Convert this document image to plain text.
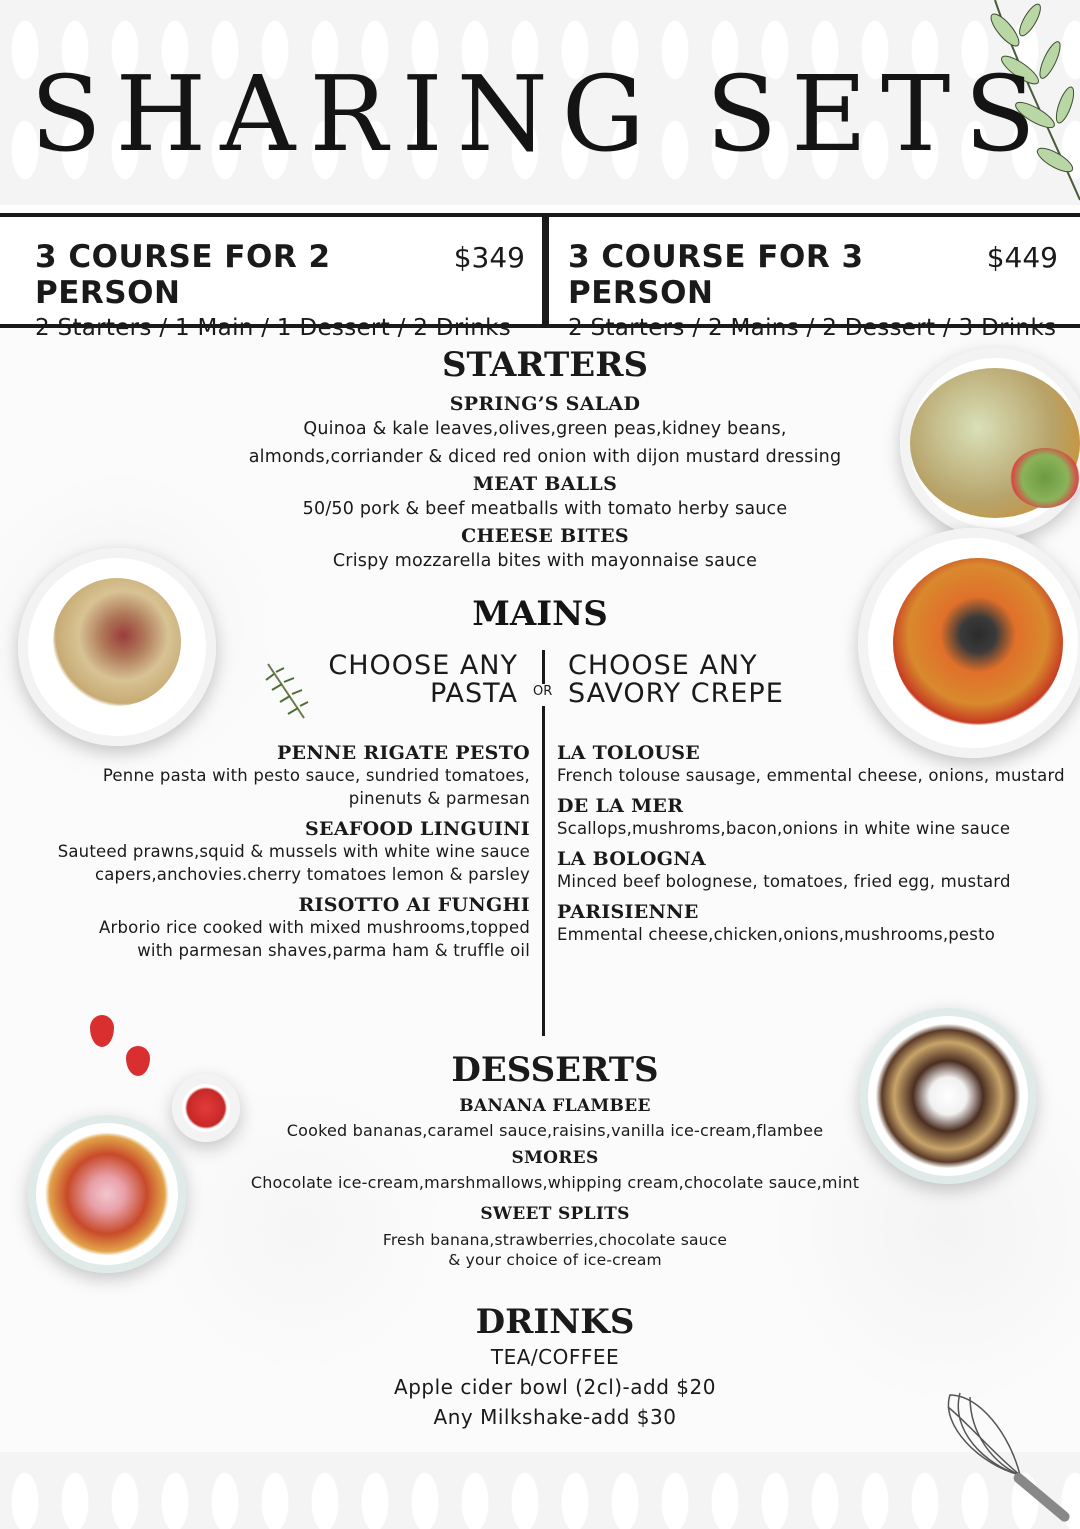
SHARING SETS
3 COURSE FOR 2 PERSON
$349
2 Starters / 1 Main / 1 Dessert / 2 Drinks
3 COURSE FOR 3 PERSON
$449
2 Starters / 2 Mains / 2 Dessert / 3 Drinks
STARTERS
SPRING’S SALAD
Quinoa & kale leaves,olives,green peas,kidney beans,
almonds,corriander & diced red onion with dijon mustard dressing
MEAT BALLS
50/50 pork & beef meatballs with tomato herby sauce
CHEESE BITES
Crispy mozzarella bites with mayonnaise sauce
MAINS
CHOOSE ANY
PASTA OR
CHOOSE ANY
SAVORY CREPE
PENNE RIGATE PESTO
Penne pasta with pesto sauce, sundried tomatoes,
pinenuts & parmesan
SEAFOOD LINGUINI
Sauteed prawns,squid & mussels with white wine sauce
capers,anchovies.cherry tomatoes lemon & parsley
RISOTTO AI FUNGHI
Arborio rice cooked with mixed mushrooms,topped
with parmesan shaves,parma ham & truffle oil
LA TOLOUSE
French tolouse sausage, emmental cheese, onions, mustard
DE LA MER
Scallops,mushroms,bacon,onions in white wine sauce
LA BOLOGNA
Minced beef bolognese, tomatoes, fried egg, mustard
PARISIENNE
Emmental cheese,chicken,onions,mushrooms,pesto
DESSERTS
BANANA FLAMBEE
Cooked bananas,caramel sauce,raisins,vanilla ice-cream,flambee
SMORES
Chocolate ice-cream,marshmallows,whipping cream,chocolate sauce,mint
SWEET SPLITS
Fresh banana,strawberries,chocolate sauce
& your choice of ice-cream
DRINKS
TEA/COFFEE
Apple cider bowl (2cl)-add $20
Any Milkshake-add $30
